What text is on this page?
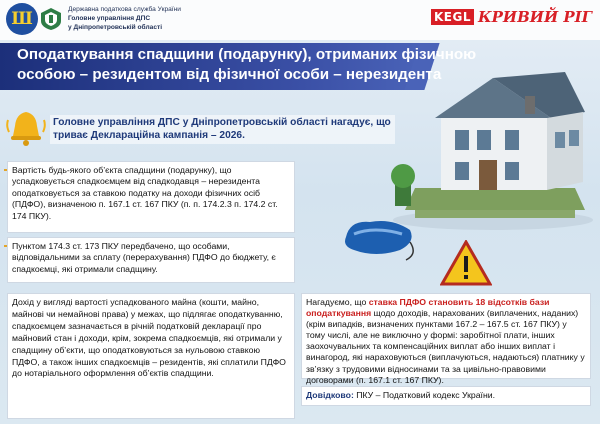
Ш	Державна податкова служба України
Головне управління ДПС
у Дніпропетровській області
KEGL КРИВИЙ РІГ
Оподаткування спадщини (подарунку), отриманих фізичною особою – резидентом від фізичної особи – нерезидента
Головне управління ДПС у Дніпропетровській області нагадує, що триває Деклараційна кампанія – 2026.
Вартість будь-якого об’єкта спадщини (подарунку), що успадковується спадкоємцем від спадкодавця – нерезидента оподатковується за ставкою податку на доходи фізичних осіб (ПДФО), визначеною п. 167.1 ст. 167 ПКУ (п. п. 174.2.3 п. 174.2 ст. 174 ПКУ).
Пунктом 174.3 ст. 173 ПКУ передбачено, що особами, відповідальними за сплату (перерахування) ПДФО до бюджету, є спадкоємці, які отримали спадщину.
Дохід у вигляді вартості успадкованого майна (кошти, майно, майнові чи немайнові права) у межах, що підлягає оподаткуванню, спадкоємцем зазначається в річній податковій декларації про майновий стан і доходи, крім, зокрема спадкоємців, які отримали у спадщину об’єкти, що оподатковуються за нульовою ставкою ПДФО, а також інших спадкоємців – резидентів, які сплатили ПДФО до нотаріального оформлення об’єктів спадщини.
Нагадуємо, що ставка ПДФО становить 18 відсотків бази оподаткування щодо доходів, нарахованих (виплачених, наданих) (крім випадків, визначених пунктами 167.2 – 167.5 ст. 167 ПКУ) у тому числі, але не виключно у формі: заробітної плати, інших заохочувальних та компенсаційних виплат або інших виплат і винагород, які нараховуються (виплачуються, надаються) платнику у зв’язку з трудовими відносинами та за цивільно-правовими договорами (п. 167.1 ст. 167 ПКУ).
Довідково: ПКУ – Податковий кодекс України.
